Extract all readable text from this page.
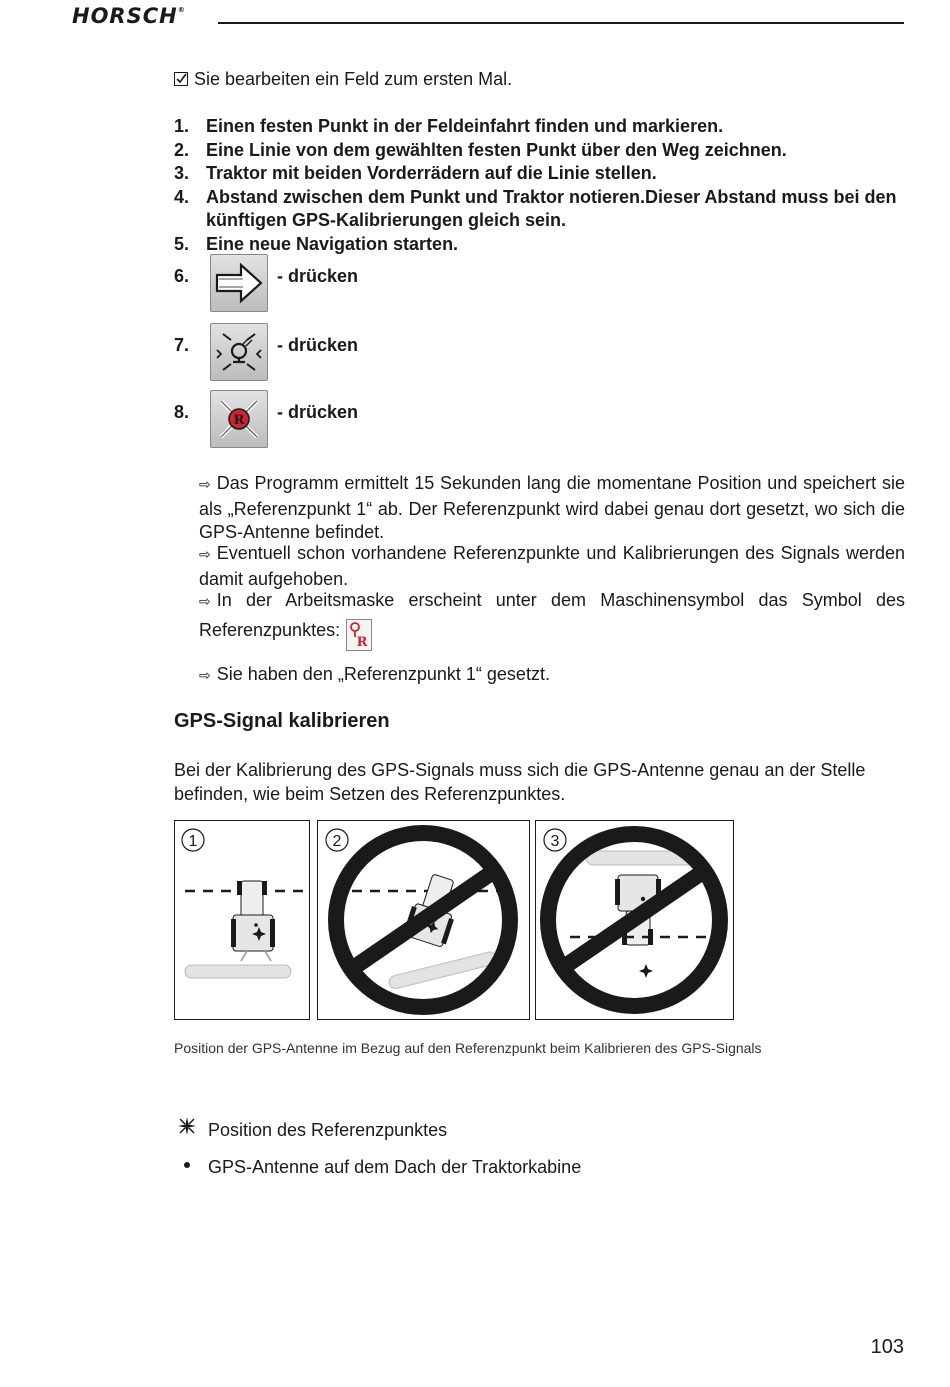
HORSCH®
Sie bearbeiten ein Feld zum ersten Mal.
1. Einen festen Punkt in der Feldeinfahrt finden und markieren.
2. Eine Linie von dem gewählten festen Punkt über den Weg zeichnen.
3. Traktor mit beiden Vorderrädern auf die Linie stellen.
4. Abstand zwischen dem Punkt und Traktor notieren.Dieser Abstand muss bei den künftigen GPS-Kalibrierungen gleich sein.
5. Eine neue Navigation starten.
6.	- drücken
7.	- drücken
8.	R - drücken
⇨ Das Programm ermittelt 15 Sekunden lang die momentane Position und speichert sie als „Referenzpunkt 1“ ab. Der Referenzpunkt wird dabei genau dort gesetzt, wo sich die GPS-Antenne befindet.
⇨ Eventuell schon vorhandene Referenzpunkte und Kalibrierungen des Signals werden damit aufgehoben.
⇨ In der Arbeitsmaske erscheint unter dem Maschinensymbol das Symbol des Referenzpunktes:
R
⇨ Sie haben den „Referenzpunkt 1“ gesetzt.
GPS-Signal kalibrieren
Bei der Kalibrierung des GPS-Signals muss sich die GPS-Antenne genau an der Stelle befinden, wie beim Setzen des Referenzpunktes.
1	2	3
Position der GPS-Antenne im Bezug auf den Referenzpunkt beim Kalibrieren des GPS-Signals
Position des Referenzpunktes
GPS-Antenne auf dem Dach der Traktorkabine
103
